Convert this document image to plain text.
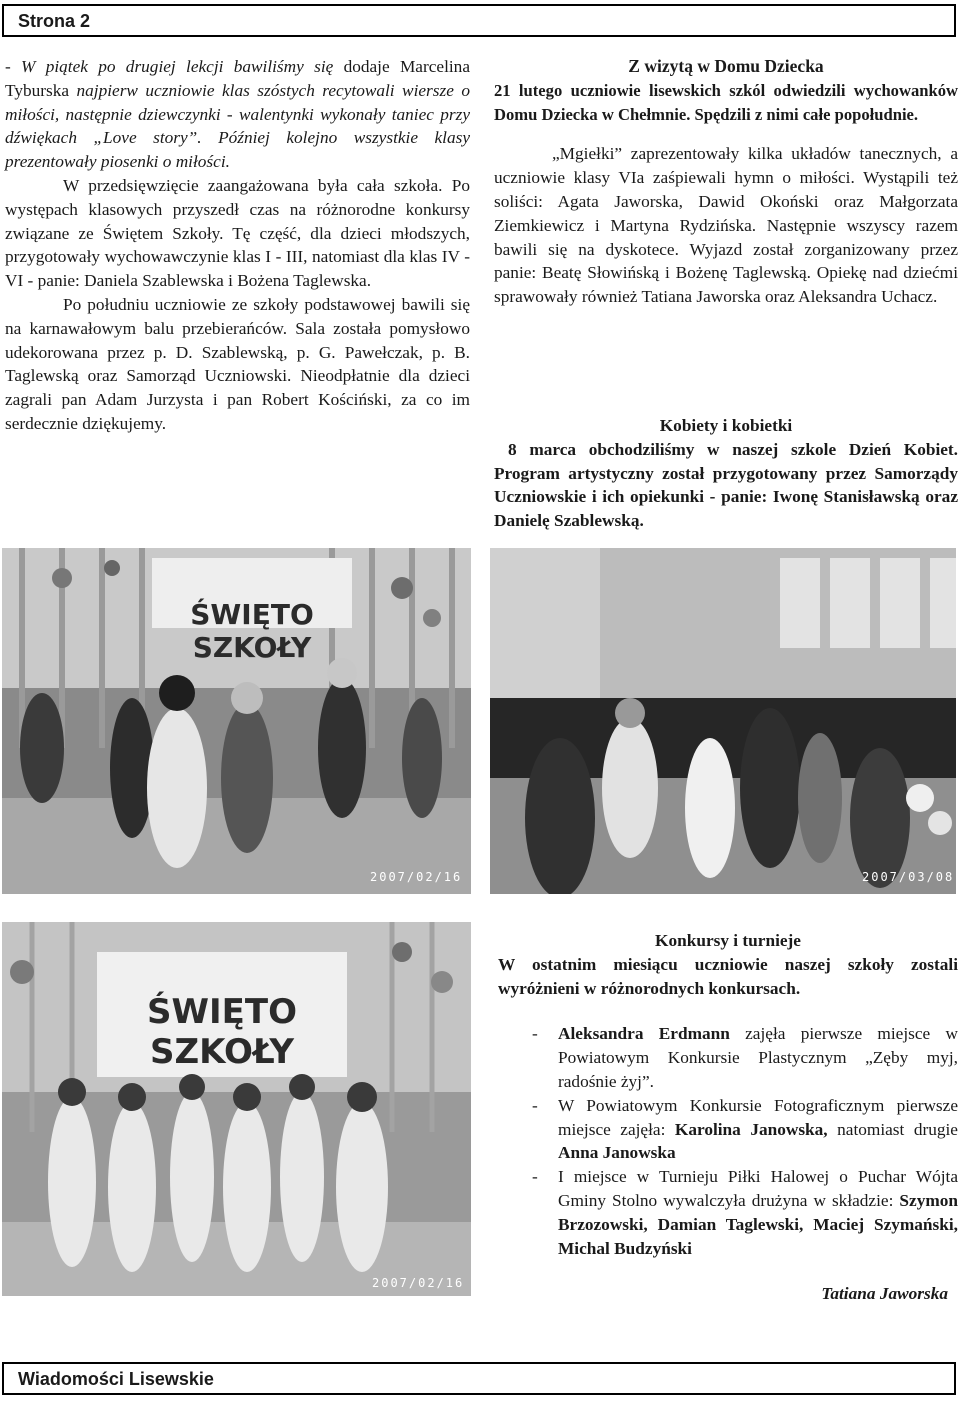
Strona 2

- W piątek po drugiej lekcji bawiliśmy się dodaje Marcelina Tyburska najpierw uczniowie klas szóstych recytowali wiersze o miłości, następnie dziewczynki - walentynki wykonały taniec przy dźwiękach „Love story”. Później kolejno wszystkie klasy prezentowały piosenki o miłości.

W przedsięwzięcie zaangażowana była cała szkoła. Po występach klasowych przyszedł czas na różnorodne konkursy związane ze Świętem Szkoły. Tę część, dla dzieci młodszych, przygotowały wychowawczynie klas I - III, natomiast dla klas IV - VI - panie: Daniela Szablewska i Bożena Taglewska.

Po południu uczniowie ze szkoły podstawowej bawili się na karnawałowym balu przebierańców. Sala została pomysłowo udekorowana przez p. D. Szablewską, p. G. Pawełczak, p. B. Taglewską oraz Samorząd Uczniowski. Nieodpłatnie dla dzieci zagrali pan Adam Jurzysta i pan Robert Kościński, za co im serdecznie dziękujemy.

Z wizytą w Domu Dziecka

21 lutego uczniowie lisewskich szkól odwiedzili wychowanków Domu Dziecka w Chełmnie. Spędzili z nimi całe popołudnie.

„Mgiełki” zaprezentowały kilka układów tanecznych, a uczniowie klasy VIa zaśpiewali hymn o miłości. Wystąpili też soliści: Agata Jaworska, Dawid Okoński oraz Małgorzata Ziemkiewicz i Martyna Rydzińska. Następnie wszyscy razem bawili się na dyskotece. Wyjazd został zorganizowany przez panie: Beatę Słowińską i Bożenę Taglewską. Opiekę nad dziećmi sprawowały również Tatiana Jaworska oraz Aleksandra Uchacz.

Kobiety i kobietki

8 marca obchodziliśmy w naszej szkole Dzień Kobiet. Program artystyczny został przygotowany przez Samorządy Uczniowskie i ich opiekunki - panie: Iwonę Stanisławską oraz Danielę Szablewską.

ŚWIĘTO SZKOŁY
2007/02/16	2007/03/08
ŚWIĘTO SZKOŁY
2007/02/16

Konkursy i turnieje

W ostatnim miesiącu uczniowie naszej szkoły zostali wyróżnieni w różnorodnych konkursach.

- Aleksandra Erdmann zajęła pierwsze miejsce w Powiatowym Konkursie Plastycznym „Zęby myj, radośnie żyj”.
- W Powiatowym Konkursie Fotograficznym pierwsze miejsce zajęła: Karolina Janowska, natomiast drugie Anna Janowska
- I miejsce w Turnieju Piłki Halowej o Puchar Wójta Gminy Stolno wywalczyła drużyna w składzie: Szymon Brzozowski, Damian Taglewski, Maciej Szymański, Michal Budzyński

Tatiana Jaworska

Wiadomości Lisewskie
